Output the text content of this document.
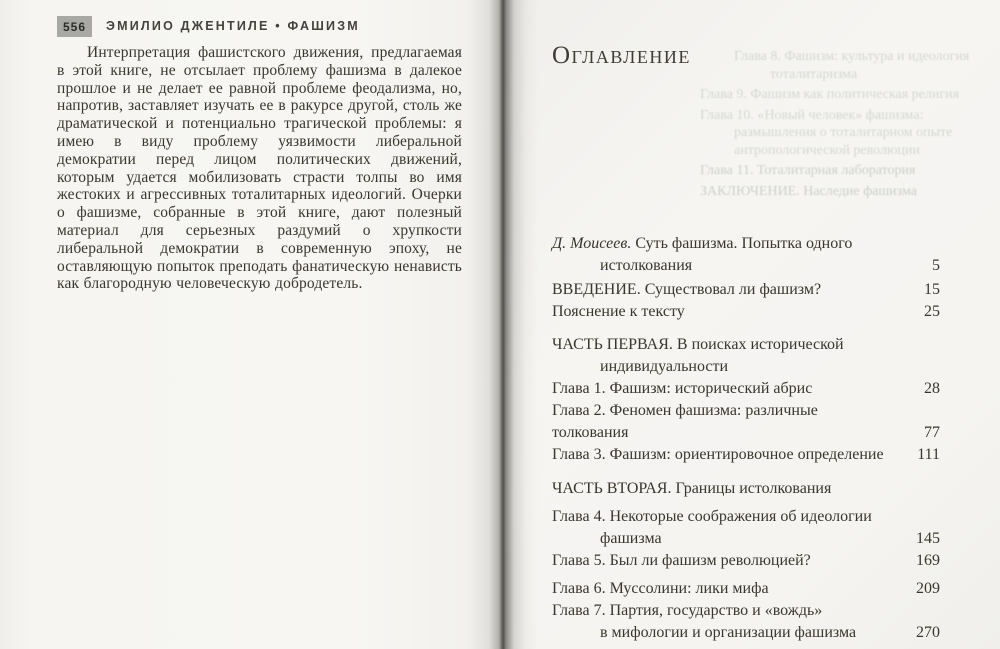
556	ЭМИЛИО ДЖЕНТИЛЕ • ФАШИЗМ

Интерпретация фашистского движения, предлагаемая в этой книге, не отсылает проблему фашизма в далекое прошлое и не делает ее равной проблеме феодализма, но, напротив, заставляет изучать ее в ракурсе другой, столь же драматической и потенциально трагической проблемы: я имею в виду проблему уязвимости либеральной демократии перед лицом политических движений, которым удается мобилизовать страсти толпы во имя жестоких и агрессивных тоталитарных идеологий. Очерки о фашизме, собранные в этой книге, дают полезный материал для серьезных раздумий о хрупкости либеральной демократии в современную эпоху, не оставляющую попыток преподать фанатическую ненависть как благородную человеческую добродетель.

Оглавление	Глава 8. Фашизм: культура и идеология
тоталитаризма
Глава 9. Фашизм как политическая религия
Глава 10. «Новый человек» фашизма:
размышления о тоталитарном опыте
антропологической революции
Глава 11. Тоталитарная лаборатория
ЗАКЛЮЧЕНИЕ. Наследие фашизма
Д. Моисеев. Суть фашизма. Попытка одного
истолкования	5
ВВЕДЕНИЕ. Существовал ли фашизм?	15
Пояснение к тексту	25
ЧАСТЬ ПЕРВАЯ. В поисках исторической
индивидуальности
Глава 1. Фашизм: исторический абрис	28
Глава 2. Феномен фашизма: различные толкования	77
Глава 3. Фашизм: ориентировочное определение	111
ЧАСТЬ ВТОРАЯ. Границы истолкования
Глава 4. Некоторые соображения об идеологии
фашизма	145
Глава 5. Был ли фашизм революцией?	169
Глава 6. Муссолини: лики мифа	209
Глава 7. Партия, государство и «вождь»
в мифологии и организации фашизма	270
